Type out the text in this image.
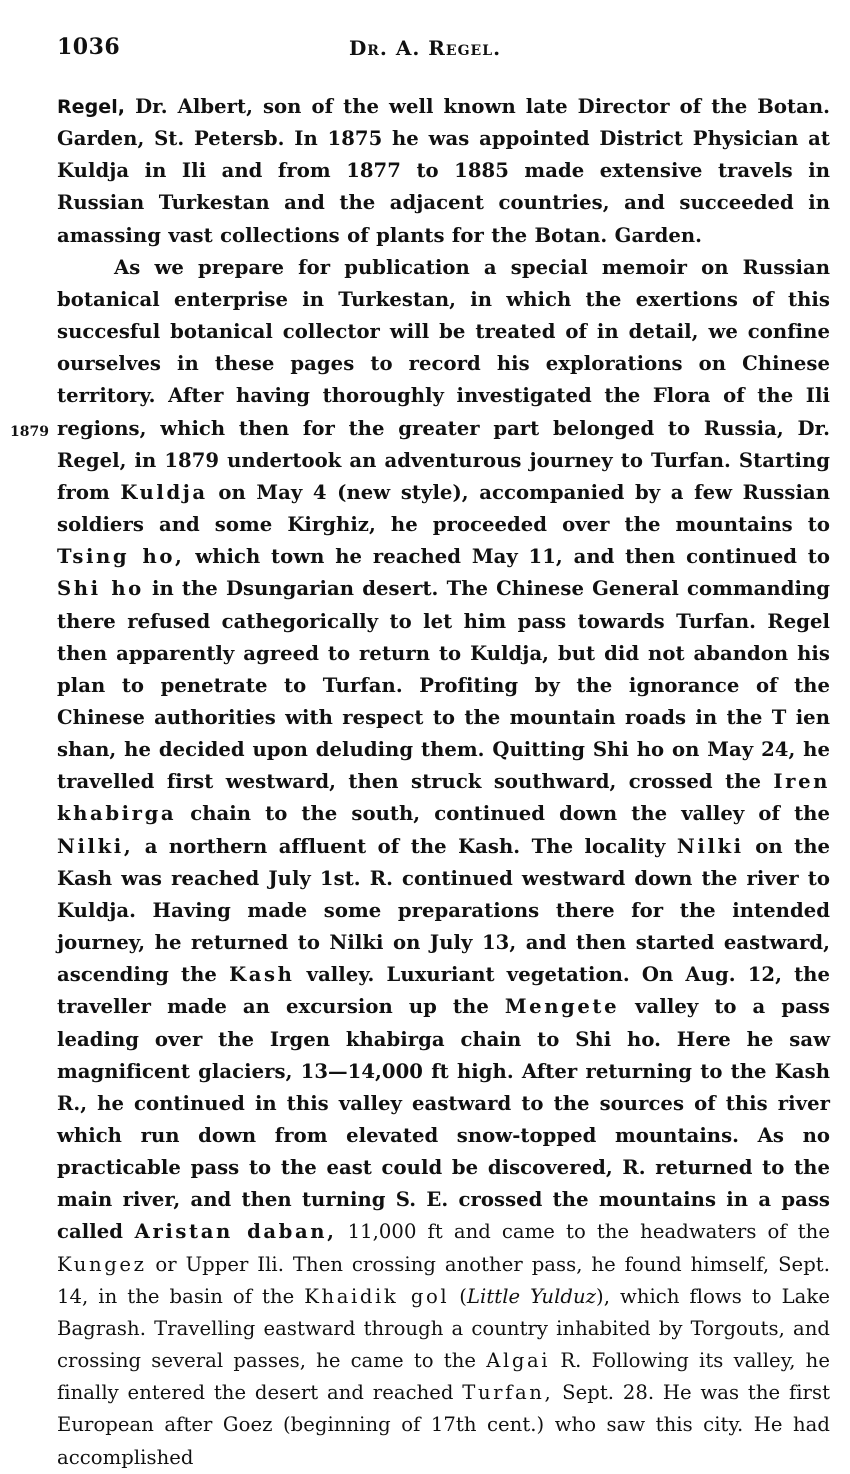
1036	Dr. A. Regel.
1879

Regel, Dr. Albert, son of the well known late Director of the Botan. Garden, St. Petersb. In 1875 he was appointed District Physician at Kuldja in Ili and from 1877 to 1885 made extensive travels in Russian Turkestan and the adjacent countries, and succeeded in amassing vast collections of plants for the Botan. Garden.

As we prepare for publication a special memoir on Russian botanical enterprise in Turkestan, in which the exertions of this succesful botanical collector will be treated of in detail, we confine ourselves in these pages to record his explorations on Chinese territory. After having thoroughly investigated the Flora of the Ili regions, which then for the greater part belonged to Russia, Dr. Regel, in 1879 undertook an adventurous journey to Turfan. Starting from Kuldja on May 4 (new style), accompanied by a few Russian soldiers and some Kirghiz, he proceeded over the mountains to Tsing ho, which town he reached May 11, and then continued to Shi ho in the Dsungarian desert. The Chinese General commanding there refused cathegorically to let him pass towards Turfan. Regel then apparently agreed to return to Kuldja, but did not abandon his plan to penetrate to Turfan. Profiting by the ignorance of the Chinese authorities with respect to the mountain roads in the T ien shan, he decided upon deluding them. Quitting Shi ho on May 24, he travelled first westward, then struck southward, crossed the Iren khabirga chain to the south, continued down the valley of the Nilki, a northern affluent of the Kash. The locality Nilki on the Kash was reached July 1st. R. continued westward down the river to Kuldja. Having made some preparations there for the intended journey, he returned to Nilki on July 13, and then started eastward, ascending the Kash valley. Luxuriant vegetation. On Aug. 12, the traveller made an excursion up the Mengete valley to a pass leading over the Irgen khabirga chain to Shi ho. Here he saw magnificent glaciers, 13—14,000 ft high. After returning to the Kash R., he continued in this valley eastward to the sources of this river which run down from elevated snow-topped mountains. As no practicable pass to the east could be discovered, R. returned to the main river, and then turning S. E. crossed the mountains in a pass called Aristan daban, 11,000 ft and came to the headwaters of the Kungez or Upper Ili. Then crossing another pass, he found himself, Sept. 14, in the basin of the Khaidik gol (Little Yulduz), which flows to Lake Bagrash. Travelling eastward through a country inhabited by Torgouts, and crossing several passes, he came to the Algai R. Following its valley, he finally entered the desert and reached Turfan, Sept. 28. He was the first European after Goez (beginning of 17th cent.) who saw this city. He had accomplished
